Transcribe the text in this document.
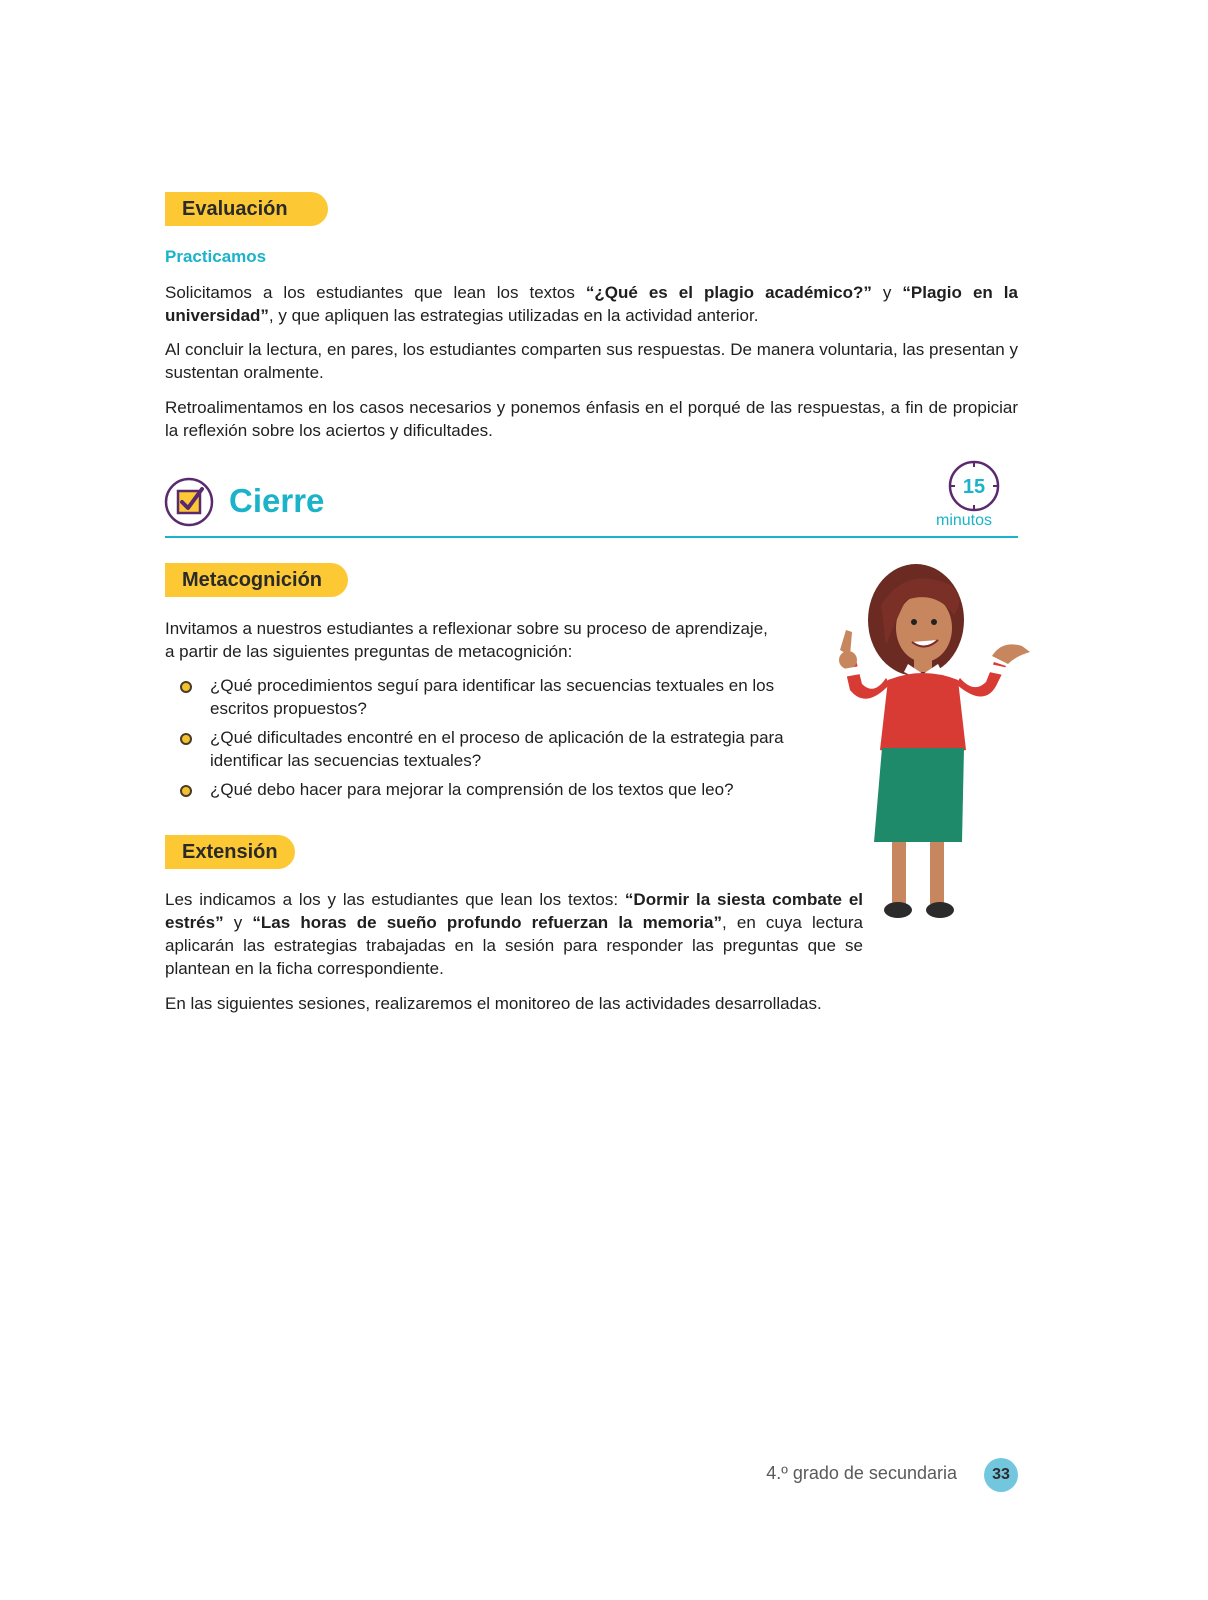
Evaluación
Practicamos

Solicitamos a los estudiantes que lean los textos “¿Qué es el plagio académico?” y “Plagio en la universidad”, y que apliquen las estrategias utilizadas en la actividad anterior.

Al concluir la lectura, en pares, los estudiantes comparten sus respuestas. De manera voluntaria, las presentan y sustentan oralmente.

Retroalimentamos en los casos necesarios y ponemos énfasis en el porqué de las respuestas, a fin de propiciar la reflexión sobre los aciertos y dificultades.

Cierre	15
minutos
Metacognición
Invitamos a nuestros estudiantes a reflexionar sobre su proceso de aprendizaje,
a partir de las siguientes preguntas de metacognición:
¿Qué procedimientos seguí para identificar las secuencias textuales en los escritos propuestos?
¿Qué dificultades encontré en el proceso de aplicación de la estrategia para identificar las secuencias textuales?
¿Qué debo hacer para mejorar la comprensión de los textos que leo?
Extensión

Les indicamos a los y las estudiantes que lean los textos: “Dormir la siesta combate el estrés” y “Las horas de sueño profundo refuerzan la memoria”, en cuya lectura aplicarán las estrategias trabajadas en la sesión para responder las preguntas que se plantean en la ficha correspondiente.

En las siguientes sesiones, realizaremos el monitoreo de las actividades desarrolladas.

4.º grado de secundaria	33
